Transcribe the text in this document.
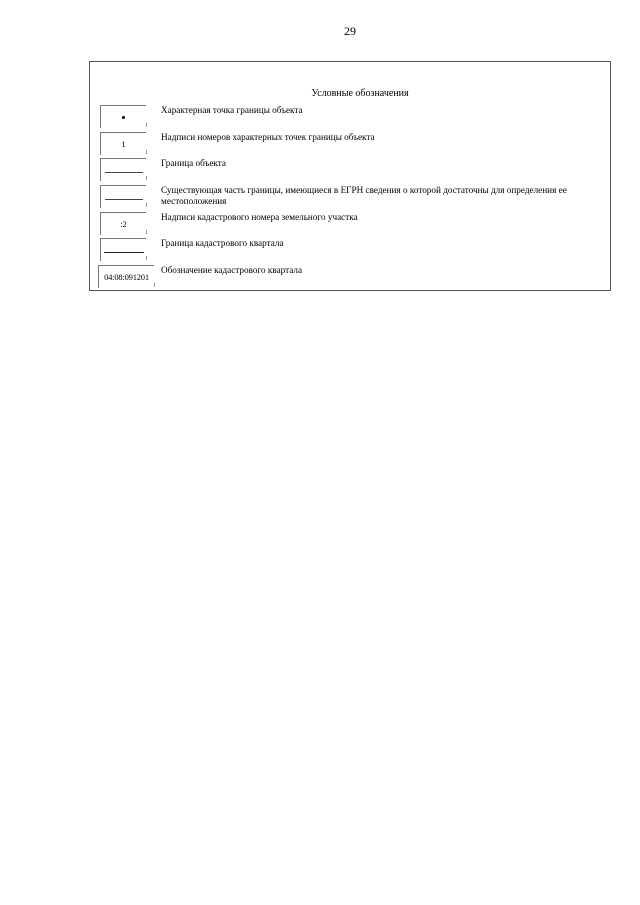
29
Условные обозначения
Характерная точка границы объекта
1
Надписи номеров характерных точек границы объекта
Граница объекта
Существующая часть границы, имеющиеся в ЕГРН сведения о которой достаточны для определения ее местоположения
:2
Надписи кадастрового номера земельного участка
Граница кадастрового квартала
04:08:091201
Обозначение кадастрового квартала
